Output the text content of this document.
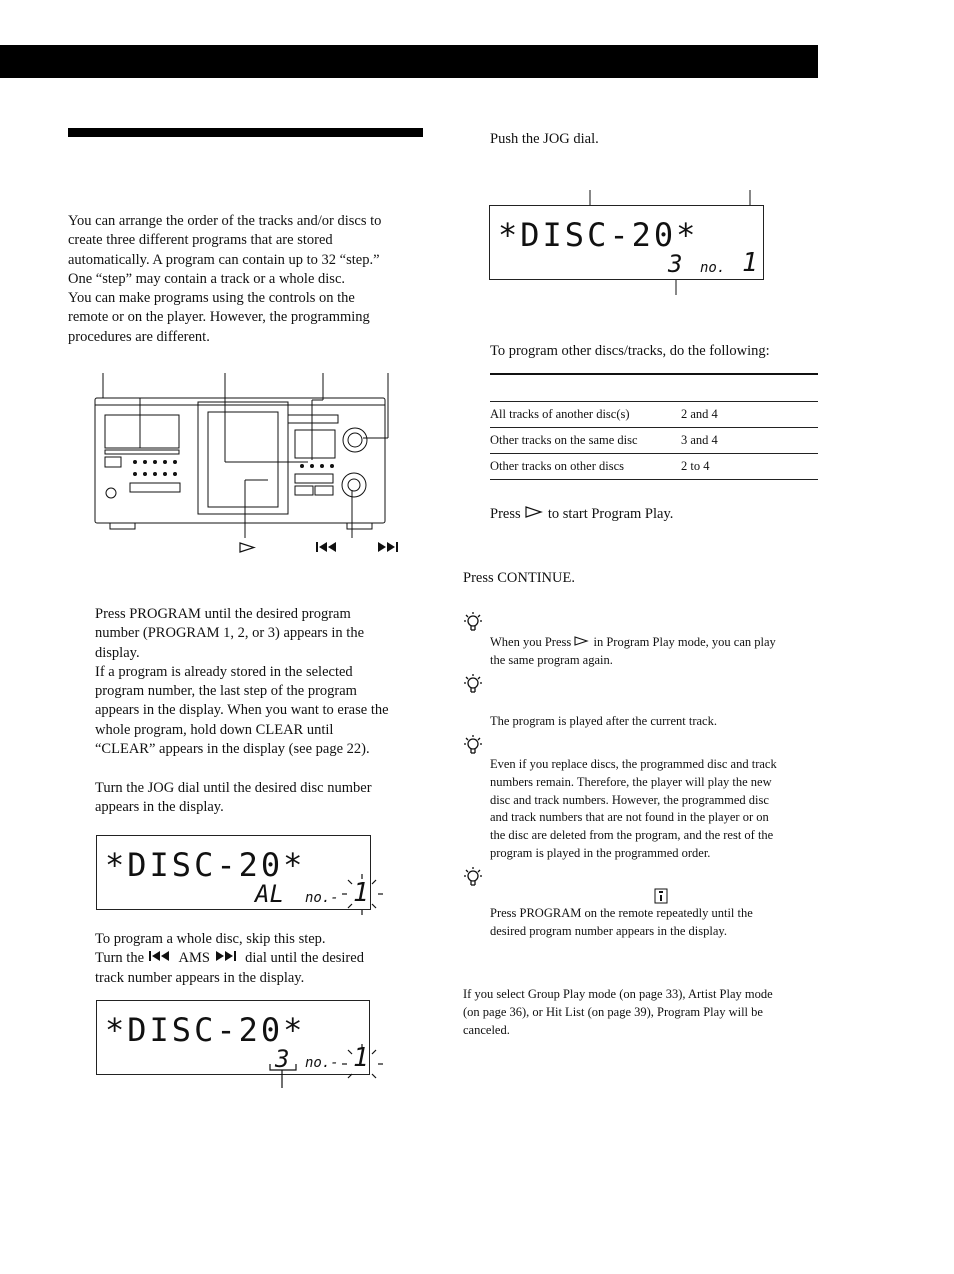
You can arrange the order of the tracks and/or discs to
create three different programs that are stored
automatically. A program can contain up to 32 “step.”
One “step” may contain a track or a whole disc.
You can make programs using the controls on the
remote or on the player. However, the programming
procedures are different.
Press PROGRAM until the desired program
number (PROGRAM 1, 2, or 3) appears in the
display.
If a program is already stored in the selected
program number, the last step of the program
appears in the display. When you want to erase the
whole program, hold down CLEAR until
“CLEAR” appears in the display (see page 22).
Turn the JOG dial until the desired disc number
appears in the display.
*DISC-20*
AL no.- 1
To program a whole disc, skip this step.
Turn the AMS dial until the desired
track number appears in the display.
*DISC-20*
3 no.- 1
Push the JOG dial.
*DISC-20*
3 no. 1
To program other discs/tracks, do the following:
All tracks of another disc(s)	2 and 4
Other tracks on the same disc	3 and 4
Other tracks on other discs	2 to 4
Press to start Program Play.
Press CONTINUE.
When you Press in Program Play mode, you can play
the same program again.
The program is played after the current track.
Even if you replace discs, the programmed disc and track
numbers remain. Therefore, the player will play the new
disc and track numbers. However, the programmed disc
and track numbers that are not found in the player or on
the disc are deleted from the program, and the rest of the
program is played in the programmed order.
Press PROGRAM on the remote repeatedly until the
desired program number appears in the display.
If you select Group Play mode (on page 33), Artist Play mode
(on page 36), or Hit List (on page 39), Program Play will be
canceled.
